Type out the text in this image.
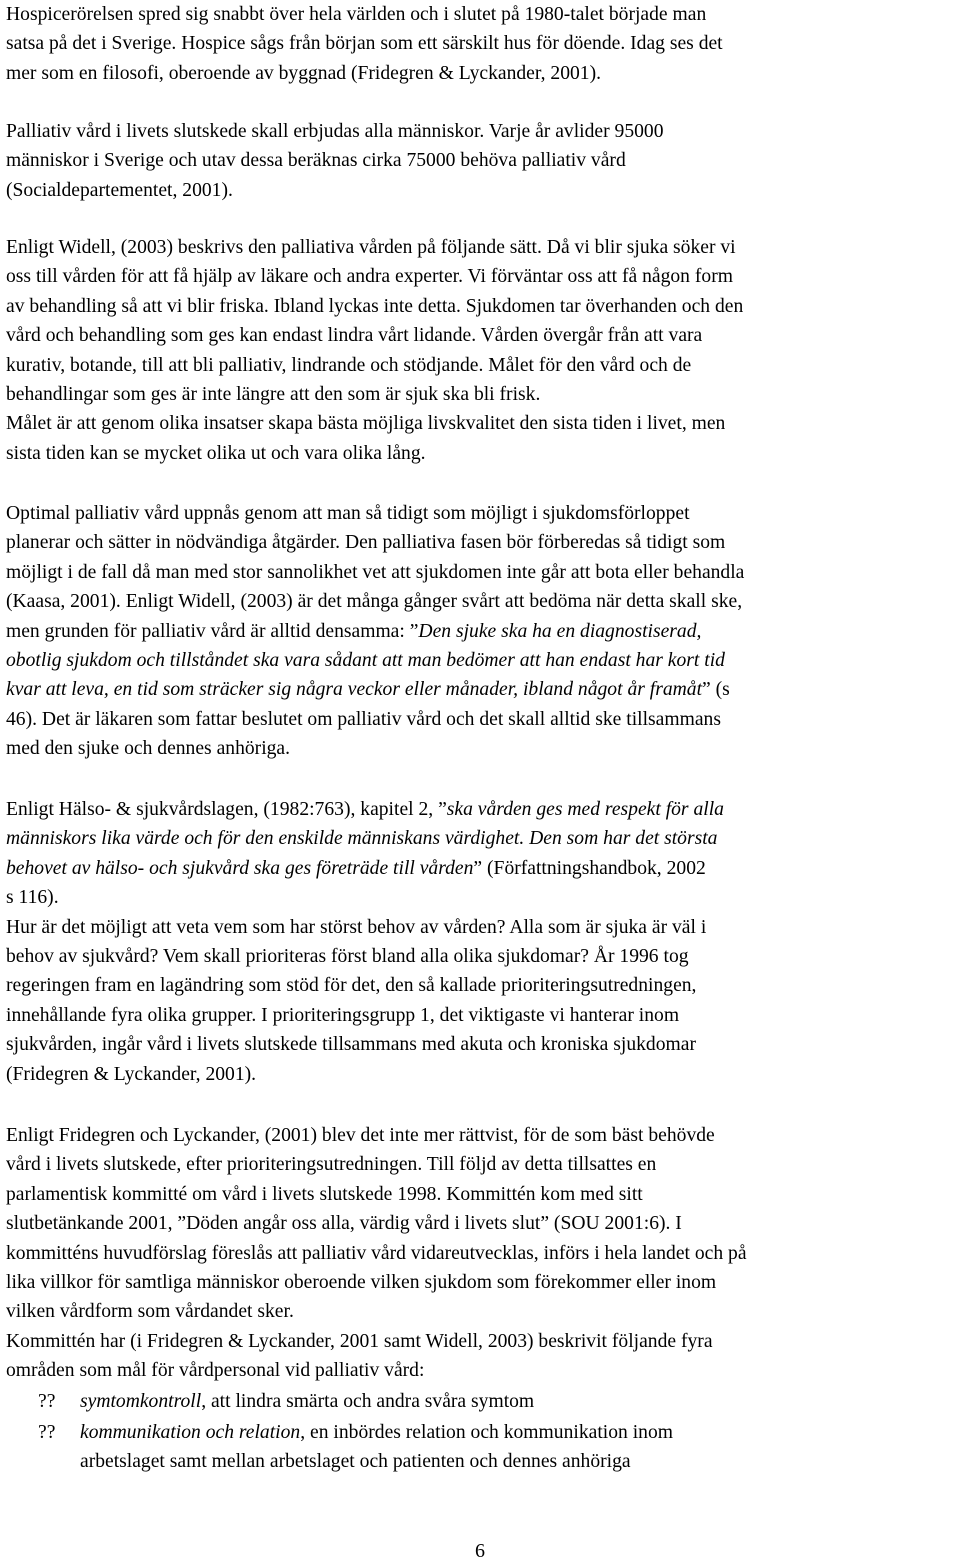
Hospicerörelsen spred sig snabbt över hela världen och i slutet på 1980-talet började man
satsa på det i Sverige. Hospice sågs från början som ett särskilt hus för döende. Idag ses det
mer som en filosofi, oberoende av byggnad (Fridegren & Lyckander, 2001).
Palliativ vård i livets slutskede skall erbjudas alla människor. Varje år avlider 95000
människor i Sverige och utav dessa beräknas cirka 75000 behöva palliativ vård
(Socialdepartementet, 2001).
Enligt Widell, (2003) beskrivs den palliativa vården på följande sätt. Då vi blir sjuka söker vi
oss till vården för att få hjälp av läkare och andra experter. Vi förväntar oss att få någon form
av behandling så att vi blir friska. Ibland lyckas inte detta. Sjukdomen tar överhanden och den
vård och behandling som ges kan endast lindra vårt lidande. Vården övergår från att vara
kurativ, botande, till att bli palliativ, lindrande och stödjande. Målet för den vård och de
behandlingar som ges är inte längre att den som är sjuk ska bli frisk.
Målet är att genom olika insatser skapa bästa möjliga livskvalitet den sista tiden i livet, men
sista tiden kan se mycket olika ut och vara olika lång.
Optimal palliativ vård uppnås genom att man så tidigt som möjligt i sjukdomsförloppet
planerar och sätter in nödvändiga åtgärder. Den palliativa fasen bör förberedas så tidigt som
möjligt i de fall då man med stor sannolikhet vet att sjukdomen inte går att bota eller behandla
(Kaasa, 2001). Enligt Widell, (2003) är det många gånger svårt att bedöma när detta skall ske,
men grunden för palliativ vård är alltid densamma: ”Den sjuke ska ha en diagnostiserad,
obotlig sjukdom och tillståndet ska vara sådant att man bedömer att han endast har kort tid
kvar att leva, en tid som sträcker sig några veckor eller månader, ibland något år framåt” (s
46). Det är läkaren som fattar beslutet om palliativ vård och det skall alltid ske tillsammans
med den sjuke och dennes anhöriga.
Enligt Hälso- & sjukvårdslagen, (1982:763), kapitel 2, ”ska vården ges med respekt för alla
människors lika värde och för den enskilde människans värdighet. Den som har det största
behovet av hälso- och sjukvård ska ges företräde till vården” (Författningshandbok, 2002
s 116).
Hur är det möjligt att veta vem som har störst behov av vården? Alla som är sjuka är väl i
behov av sjukvård? Vem skall prioriteras först bland alla olika sjukdomar? År 1996 tog
regeringen fram en lagändring som stöd för det, den så kallade prioriteringsutredningen,
innehållande fyra olika grupper. I prioriteringsgrupp 1, det viktigaste vi hanterar inom
sjukvården, ingår vård i livets slutskede tillsammans med akuta och kroniska sjukdomar
(Fridegren & Lyckander, 2001).
Enligt Fridegren och Lyckander, (2001) blev det inte mer rättvist, för de som bäst behövde
vård i livets slutskede, efter prioriteringsutredningen. Till följd av detta tillsattes en
parlamentisk kommitté om vård i livets slutskede 1998. Kommittén kom med sitt
slutbetänkande 2001, ”Döden angår oss alla, värdig vård i livets slut” (SOU 2001:6). I
kommitténs huvudförslag föreslås att palliativ vård vidareutvecklas, införs i hela landet och på
lika villkor för samtliga människor oberoende vilken sjukdom som förekommer eller inom
vilken vårdform som vårdandet sker.
Kommittén har (i Fridegren & Lyckander, 2001 samt Widell, 2003) beskrivit följande fyra
områden som mål för vårdpersonal vid palliativ vård:
?? symtomkontroll, att lindra smärta och andra svåra symtom
?? kommunikation och relation, en inbördes relation och kommunikation inom
arbetslaget samt mellan arbetslaget och patienten och dennes anhöriga
6
